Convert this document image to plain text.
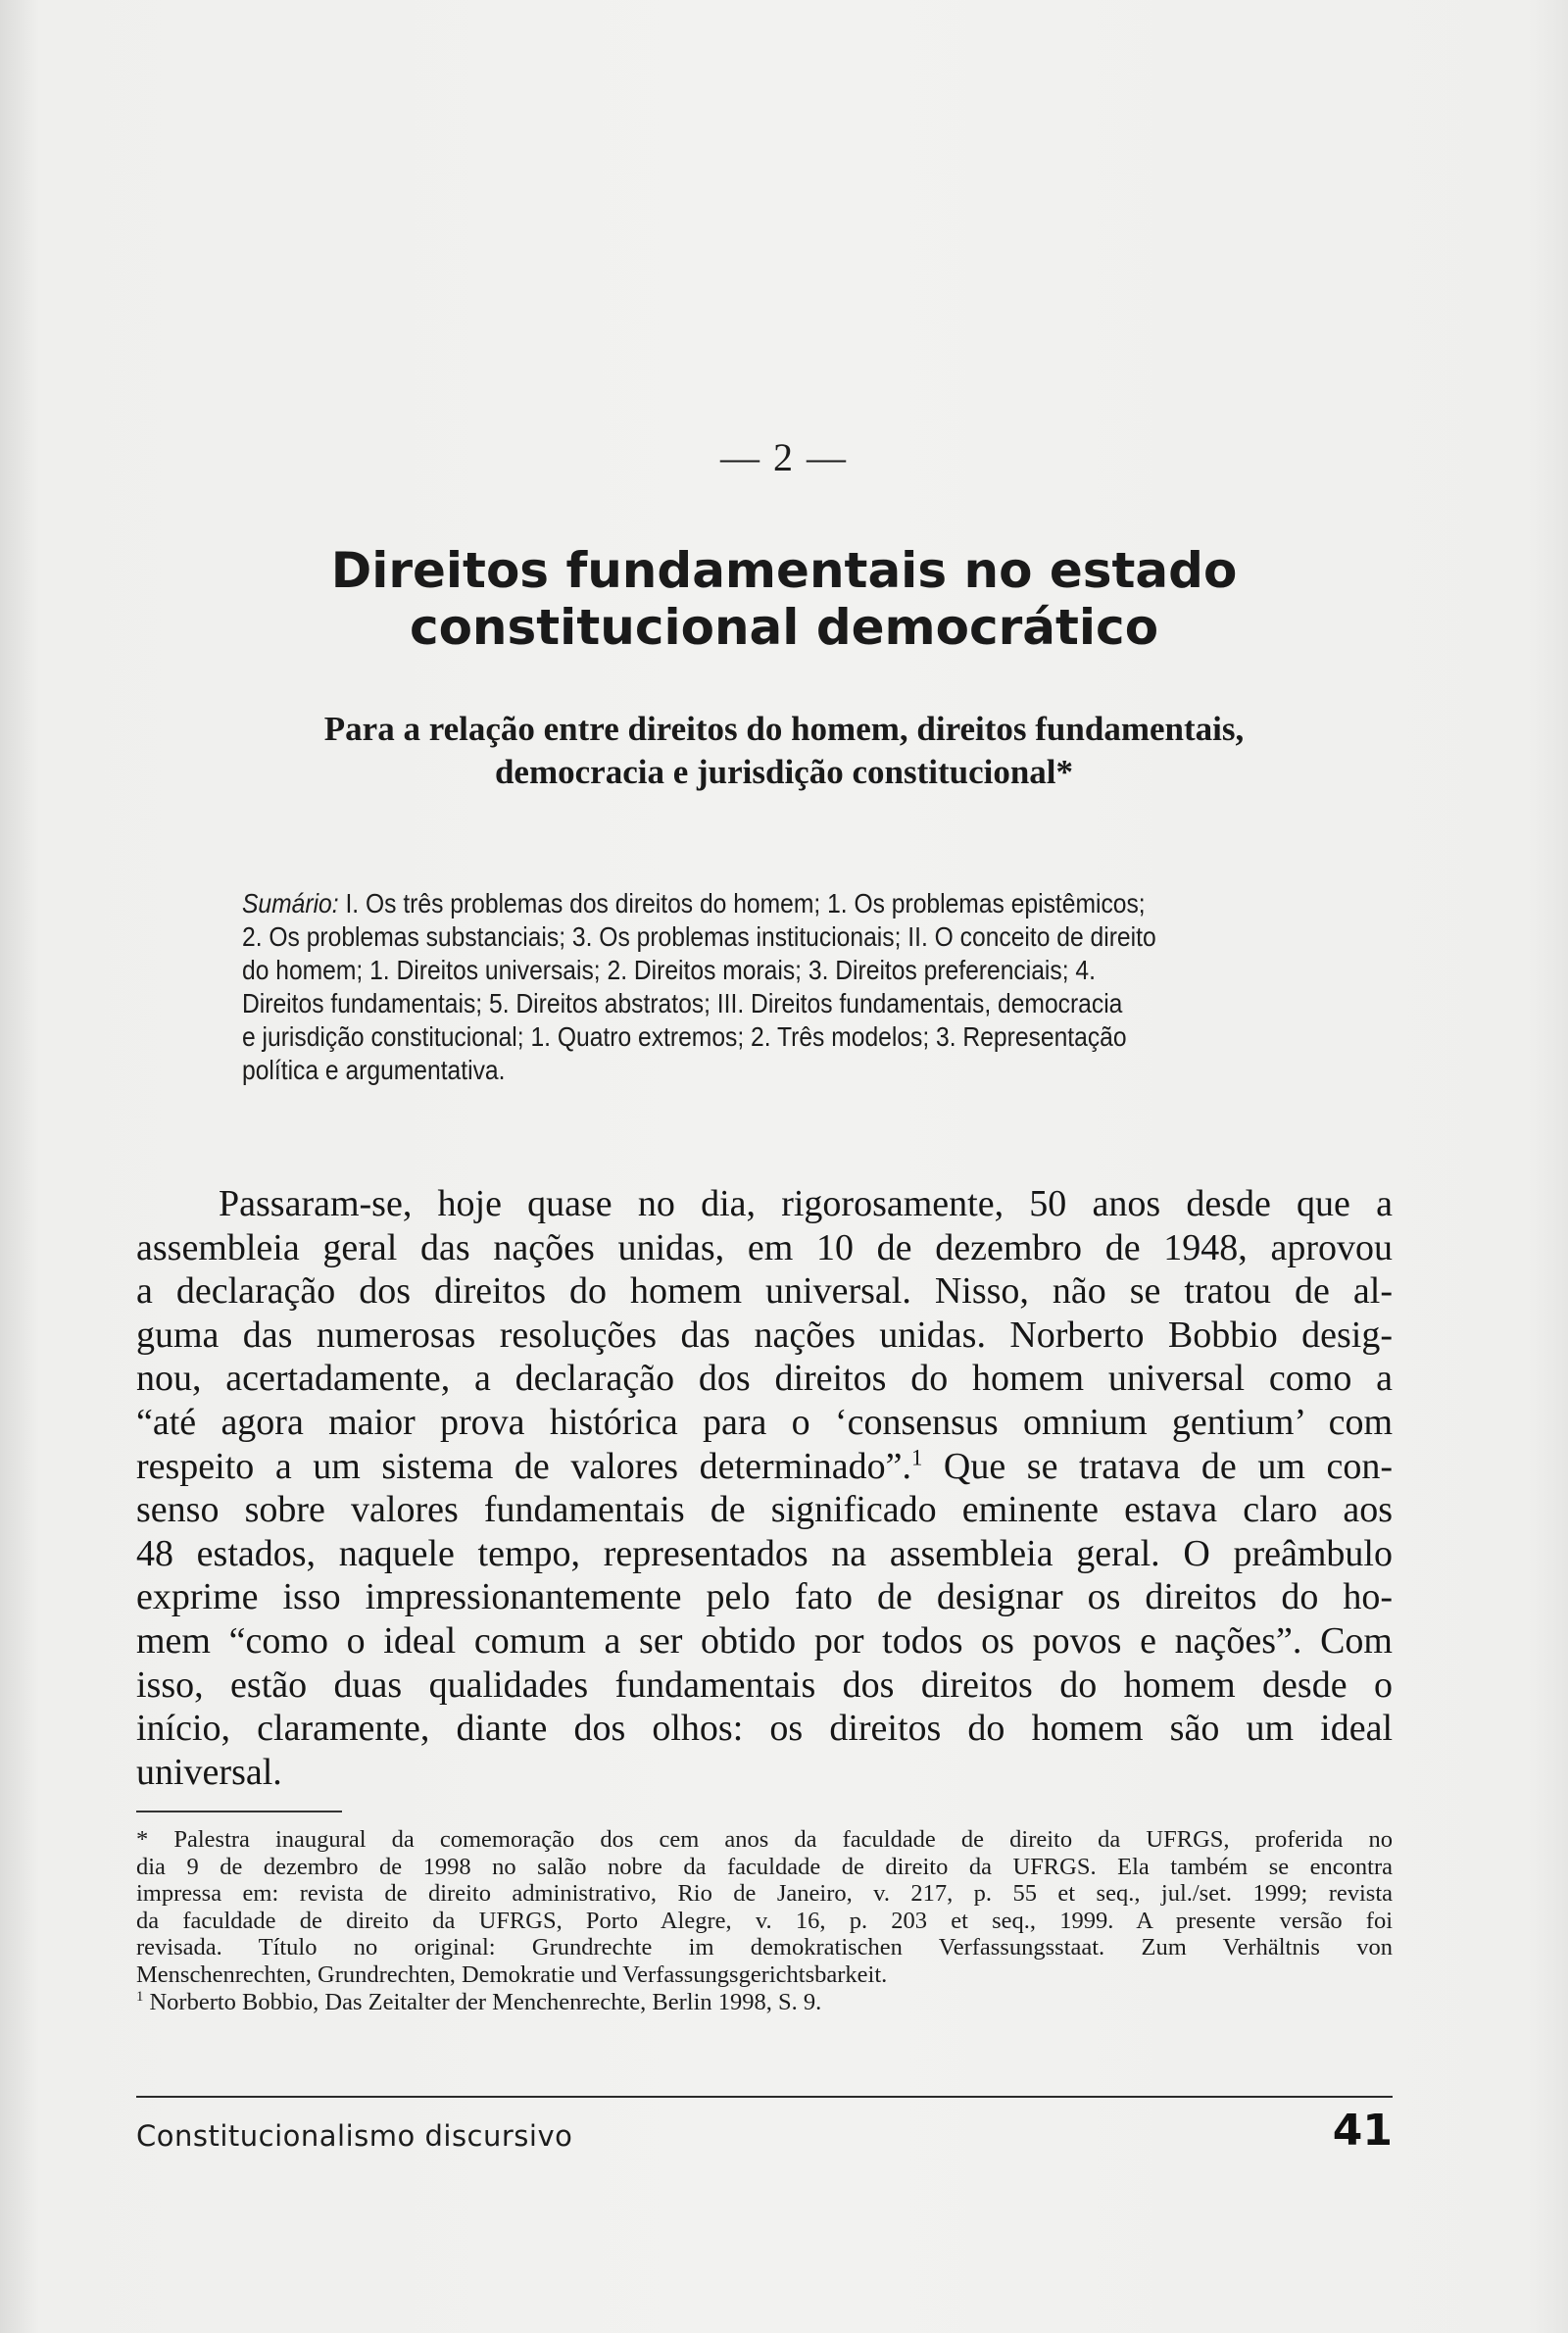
— 2 —
Direitos fundamentais no estado
constitucional democrático
Para a relação entre direitos do homem, direitos fundamentais,
democracia e jurisdição constitucional*
Sumário: I. Os três problemas dos direitos do homem; 1. Os problemas epistêmicos;
2. Os problemas substanciais; 3. Os problemas institucionais; II. O conceito de direito
do homem; 1. Direitos universais; 2. Direitos morais; 3. Direitos preferenciais; 4.
Direitos fundamentais; 5. Direitos abstratos; III. Direitos fundamentais, democracia
e jurisdição constitucional; 1. Quatro extremos; 2. Três modelos; 3. Representação
política e argumentativa.
Passaram-se, hoje quase no dia, rigorosamente, 50 anos desde que a
assembleia geral das nações unidas, em 10 de dezembro de 1948, aprovou
a declaração dos direitos do homem universal. Nisso, não se tratou de al-
guma das numerosas resoluções das nações unidas. Norberto Bobbio desig-
nou, acertadamente, a declaração dos direitos do homem universal como a
“até agora maior prova histórica para o ‘consensus omnium gentium’ com
respeito a um sistema de valores determinado”.$^1$ Que se tratava de um con-
senso sobre valores fundamentais de significado eminente estava claro aos
48 estados, naquele tempo, representados na assembleia geral. O preâmbulo
exprime isso impressionantemente pelo fato de designar os direitos do ho-
mem “como o ideal comum a ser obtido por todos os povos e nações”. Com
isso, estão duas qualidades fundamentais dos direitos do homem desde o
início, claramente, diante dos olhos: os direitos do homem são um ideal
universal.
* Palestra inaugural da comemoração dos cem anos da faculdade de direito da UFRGS, proferida no
dia 9 de dezembro de 1998 no salão nobre da faculdade de direito da UFRGS. Ela também se encontra
impressa em: revista de direito administrativo, Rio de Janeiro, v. 217, p. 55 et seq., jul./set. 1999; revista
da faculdade de direito da UFRGS, Porto Alegre, v. 16, p. 203 et seq., 1999. A presente versão foi
revisada. Título no original: Grundrechte im demokratischen Verfassungsstaat. Zum Verhältnis von
Menschenrechten, Grundrechten, Demokratie und Verfassungsgerichtsbarkeit.
$^1$ Norberto Bobbio, Das Zeitalter der Menchenrechte, Berlin 1998, S. 9.
Constitucionalismo discursivo	41
